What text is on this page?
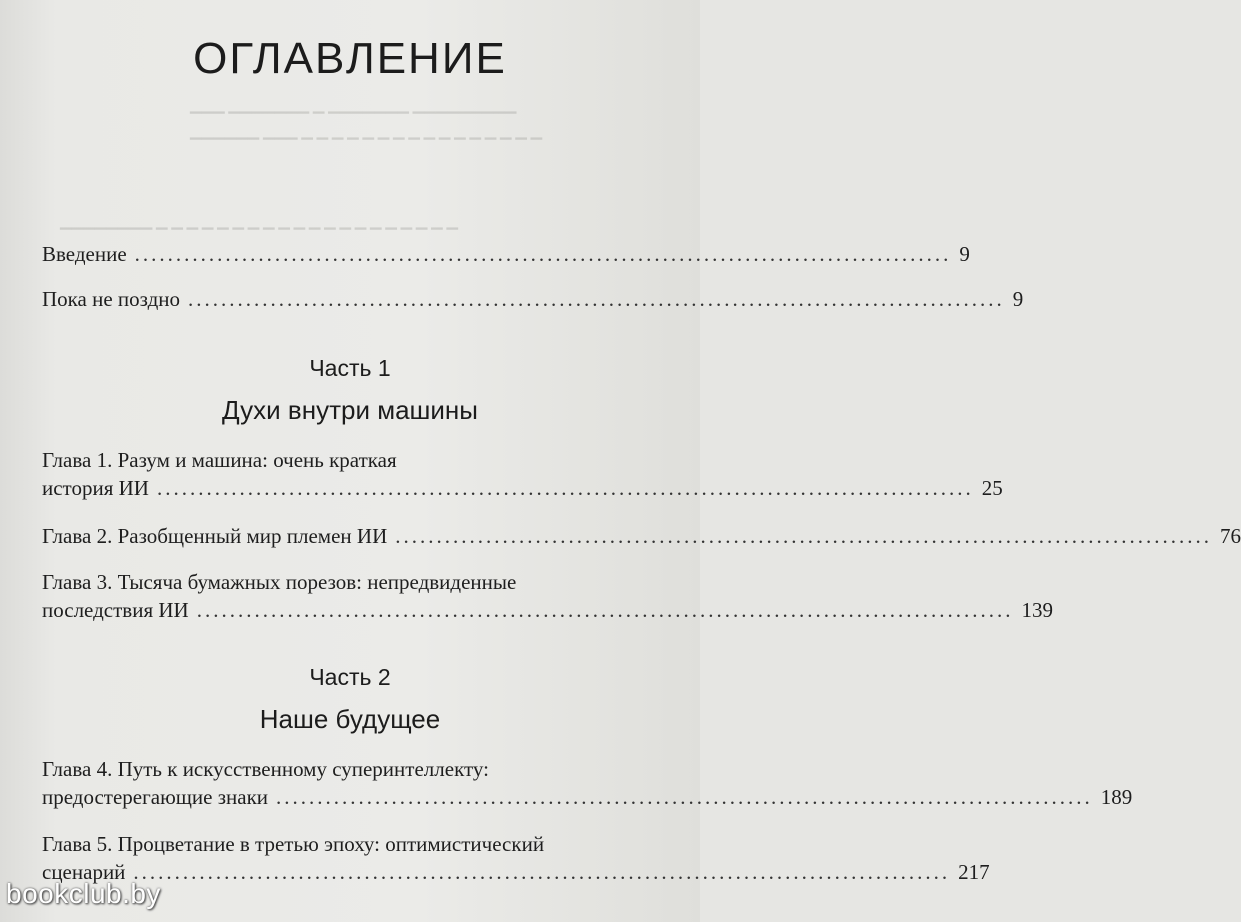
▁▁▁ ▁▁▁▁▁▁▁ ▁ ▁▁▁▁▁▁▁ ▁▁▁▁▁▁▁▁▁
▁▁▁▁▁▁ ▁▁▁ ▁ ▁ ▁ ▁ ▁ ▁ ▁ ▁ ▁ ▁ ▁ ▁ ▁ ▁ ▁ ▁
▁▁▁▁▁▁▁▁ ▁ ▁ ▁ ▁ ▁ ▁ ▁ ▁ ▁ ▁ ▁ ▁ ▁ ▁ ▁ ▁ ▁ ▁ ▁ ▁
ОГЛАВЛЕНИЕ
Введение ................................................................................................... 9
Пока не поздно ................................................................................................... 9
Часть 1
Духи внутри машины
Глава 1. Разум и машина: очень краткая
история ИИ ................................................................................................... 25
Глава 2. Разобщенный мир племен ИИ ................................................................................................... 76
Глава 3. Тысяча бумажных порезов: непредвиденные
последствия ИИ ................................................................................................... 139
Часть 2
Наше будущее
Глава 4. Путь к искусственному суперинтеллекту:
предостерегающие знаки ................................................................................................... 189
Глава 5. Процветание в третью эпоху: оптимистический
сценарий ................................................................................................... 217
bookclub.by
